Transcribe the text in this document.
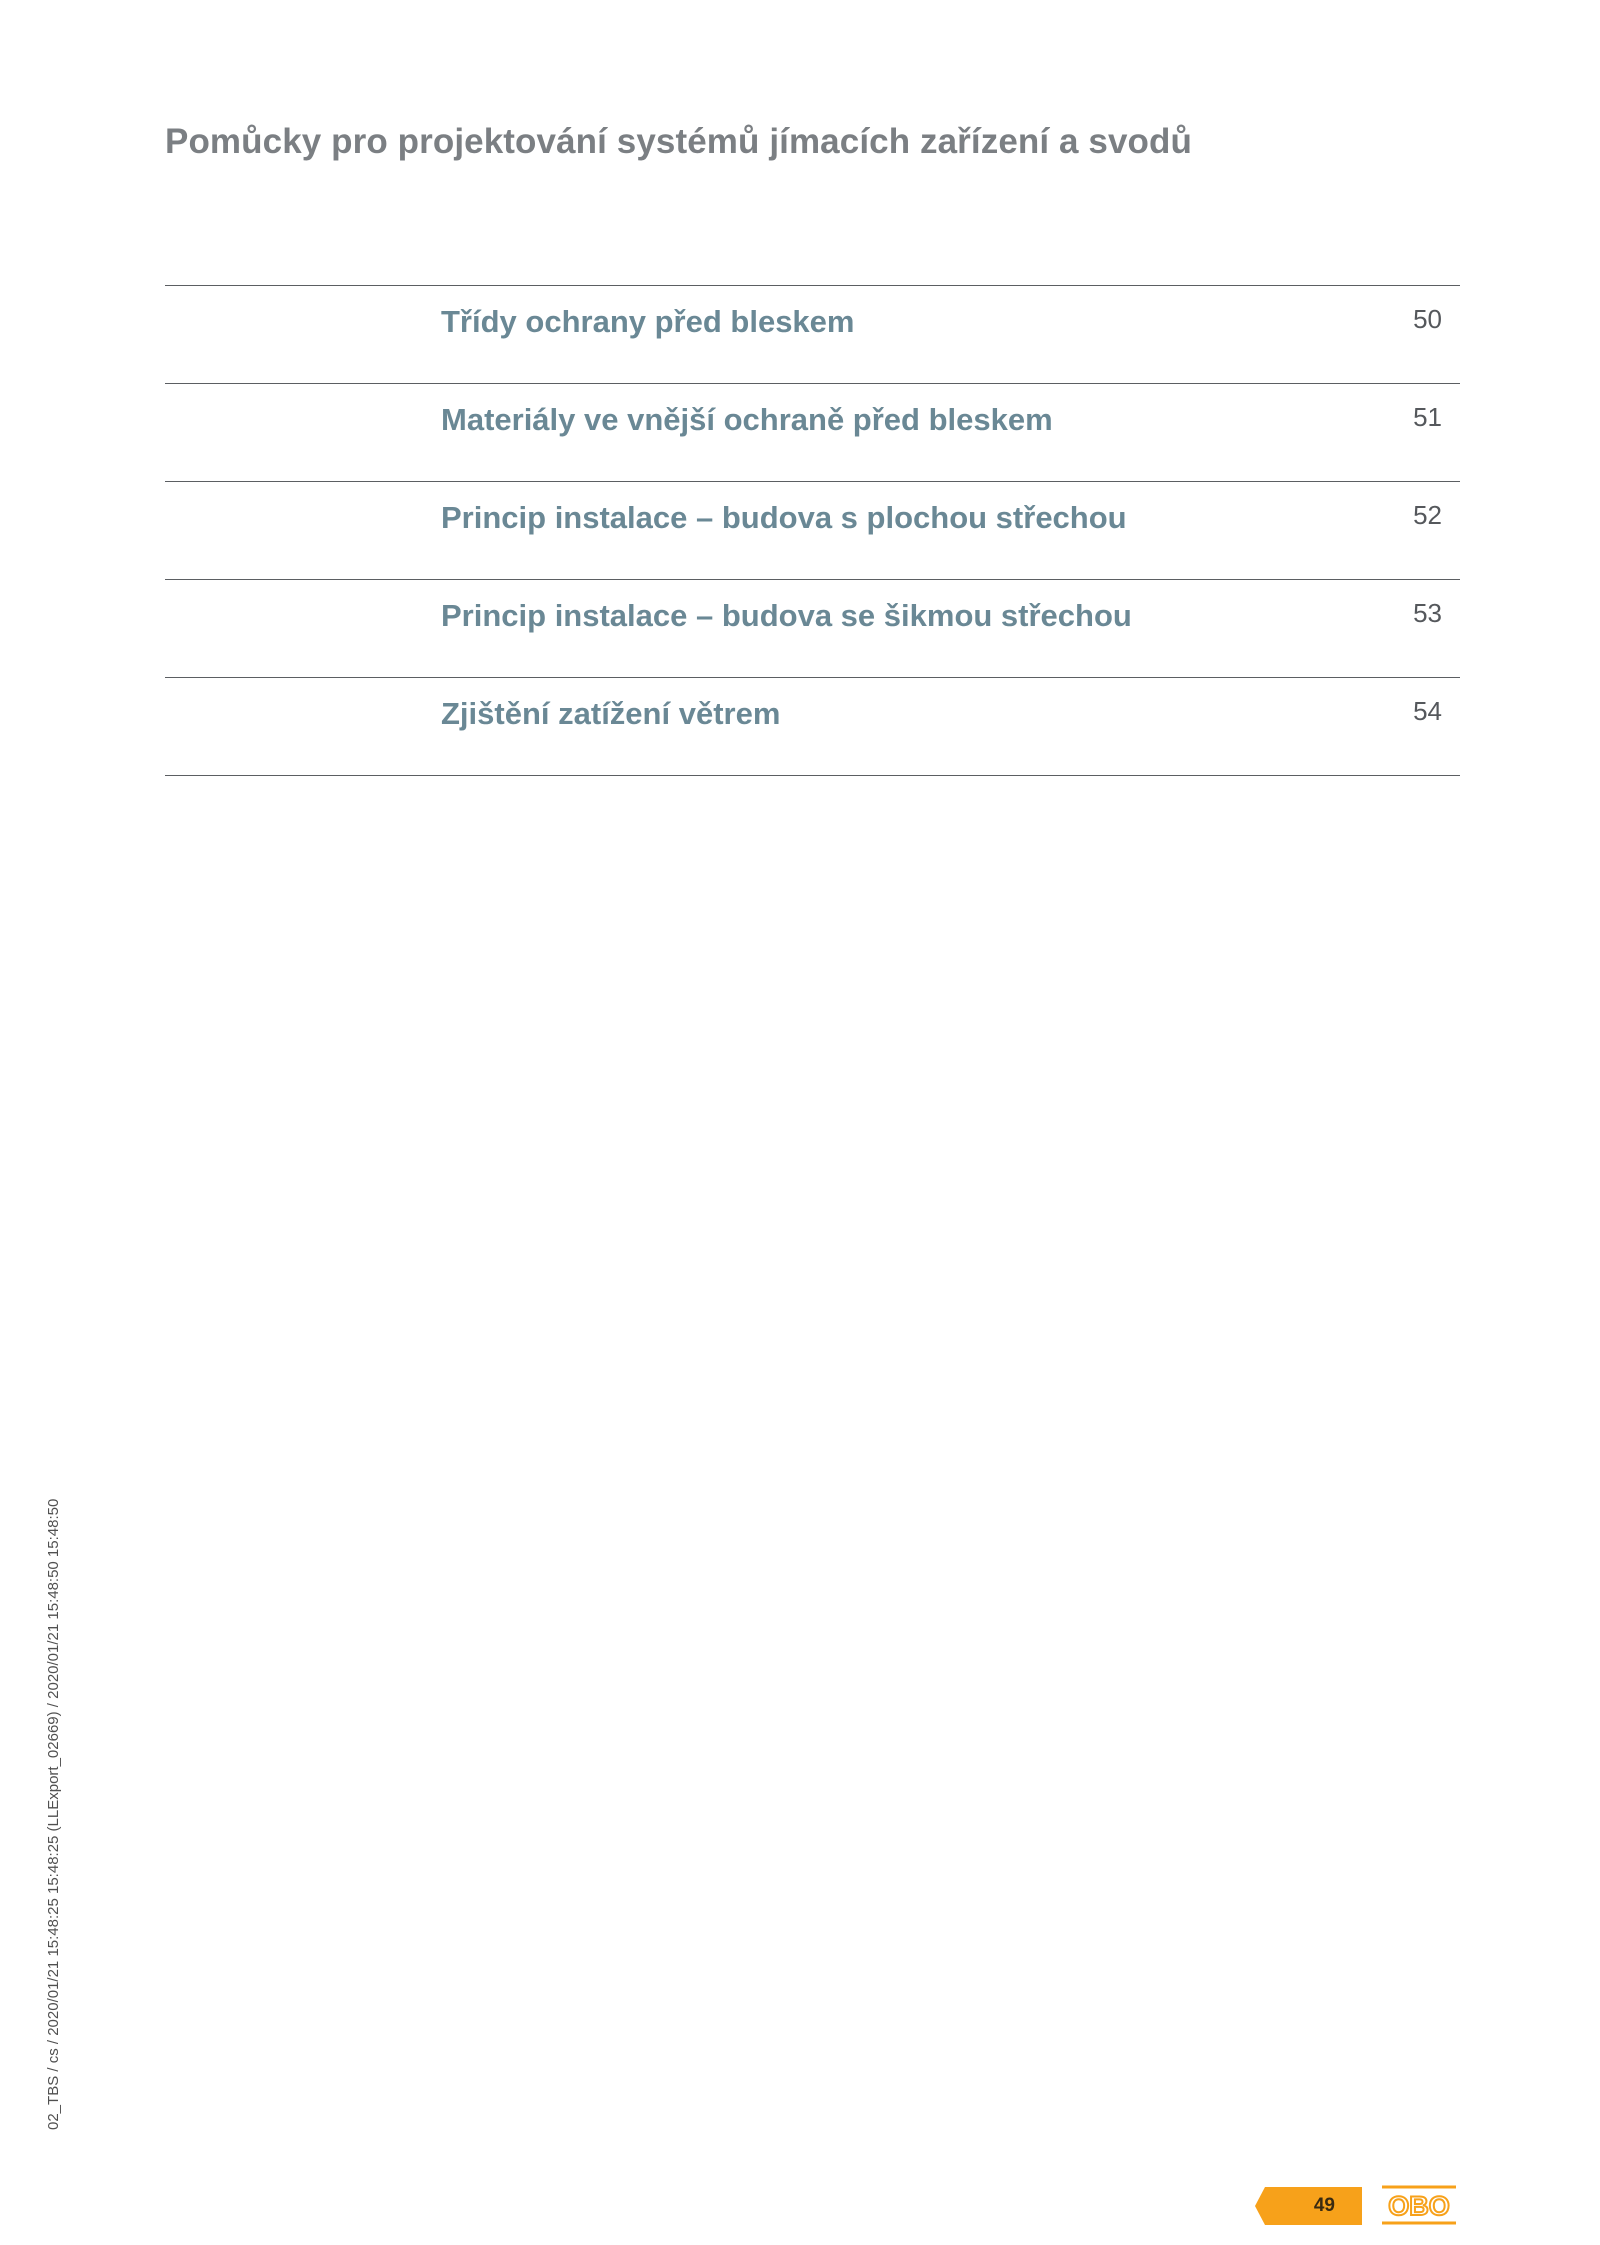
Pomůcky pro projektování systémů jímacích zařízení a svodů
Třídy ochrany před bleskem	50
Materiály ve vnější ochraně před bleskem	51
Princip instalace – budova s plochou střechou	52
Princip instalace – budova se šikmou střechou	53
Zjištění zatížení větrem	54
02_TBS / cs / 2020/01/21 15:48:25 15:48:25 (LLExport_02669) / 2020/01/21 15:48:50 15:48:50
49	OBO
